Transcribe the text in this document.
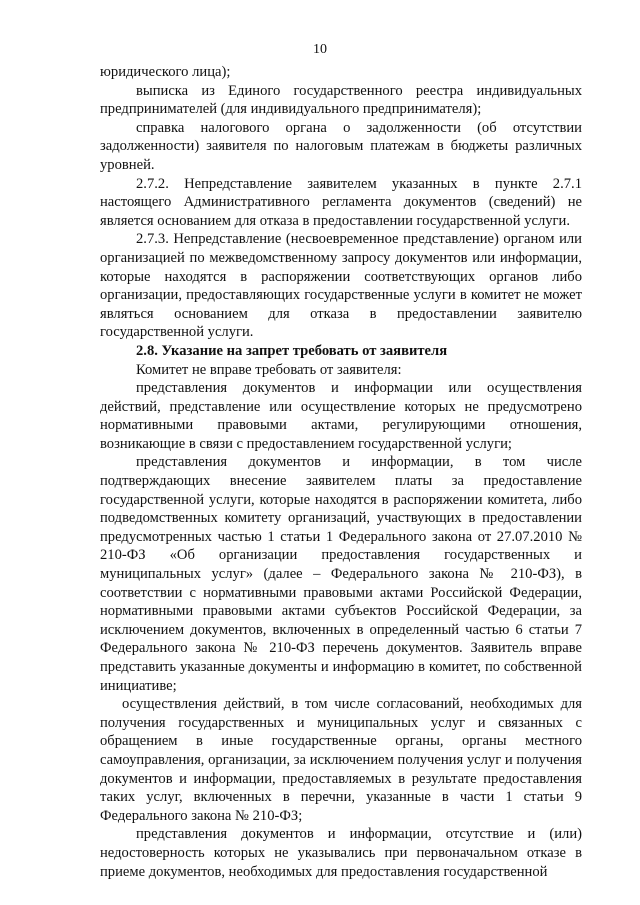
10

юридического лица);

выписка из Единого государственного реестра индивидуальных предпринимателей (для индивидуального предпринимателя);

справка налогового органа о задолженности (об отсутствии задолженности) заявителя по налоговым платежам в бюджеты различных уровней.

2.7.2. Непредставление заявителем указанных в пункте 2.7.1 настоящего Административного регламента документов (сведений) не является основанием для отказа в предоставлении государственной услуги.

2.7.3. Непредставление (несвоевременное представление) органом или организацией по межведомственному запросу документов или информации, которые находятся в распоряжении соответствующих органов либо организации, предоставляющих государственные услуги в комитет не может являться основанием для отказа в предоставлении заявителю государственной услуги.

2.8. Указание на запрет требовать от заявителя

Комитет не вправе требовать от заявителя:

представления документов и информации или осуществления действий, представление или осуществление которых не предусмотрено нормативными правовыми актами, регулирующими отношения, возникающие в связи с предоставлением государственной услуги;

представления документов и информации, в том числе подтверждающих внесение заявителем платы за предоставление государственной услуги, которые находятся в распоряжении комитета, либо подведомственных комитету организаций, участвующих в предоставлении предусмотренных частью 1 статьи 1 Федерального закона от 27.07.2010 № 210-ФЗ «Об организации предоставления государственных и муниципальных услуг» (далее – Федерального закона № 210-ФЗ), в соответствии с нормативными правовыми актами Российской Федерации, нормативными правовыми актами субъектов Российской Федерации, за исключением документов, включенных в определенный частью 6 статьи 7 Федерального закона № 210-ФЗ перечень документов. Заявитель вправе представить указанные документы и информацию в комитет, по собственной инициативе;

осуществления действий, в том числе согласований, необходимых для получения государственных и муниципальных услуг и связанных с обращением в иные государственные органы, органы местного самоуправления, организации, за исключением получения услуг и получения документов и информации, предоставляемых в результате предоставления таких услуг, включенных в перечни, указанные в части 1 статьи 9 Федерального закона № 210-ФЗ;

представления документов и информации, отсутствие и (или) недостоверность которых не указывались при первоначальном отказе в приеме документов, необходимых для предоставления государственной
